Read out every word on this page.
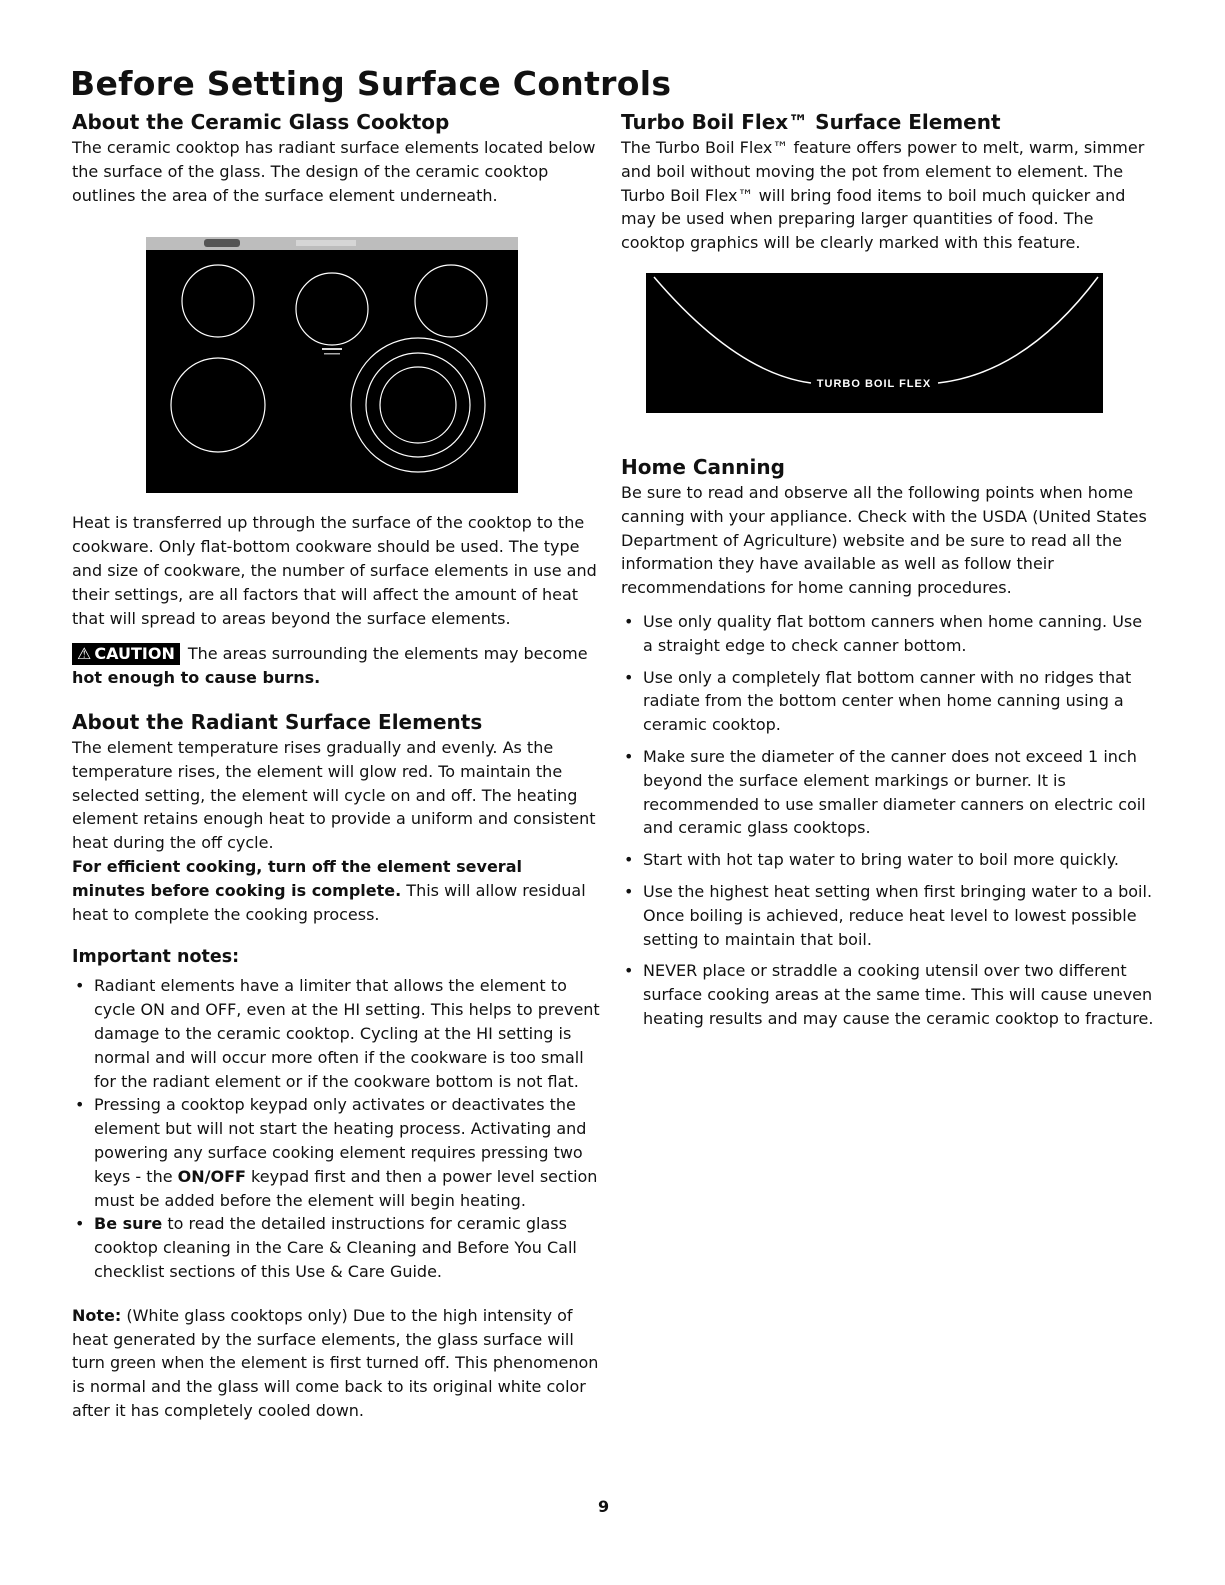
Before Setting Surface Controls
About the Ceramic Glass Cooktop

The ceramic cooktop has radiant surface elements located below the surface of the glass. The design of the ceramic cooktop outlines the area of the surface element underneath.

Heat is transferred up through the surface of the cooktop to the cookware. Only flat-bottom cookware should be used. The type and size of cookware, the number of surface elements in use and their settings, are all factors that will affect the amount of heat that will spread to areas beyond the surface elements.

⚠ CAUTION The areas surrounding the elements may become hot enough to cause burns.

About the Radiant Surface Elements

The element temperature rises gradually and evenly. As the temperature rises, the element will glow red. To maintain the selected setting, the element will cycle on and off. The heating element retains enough heat to provide a uniform and consistent heat during the off cycle.

For efficient cooking, turn off the element several minutes before cooking is complete. This will allow residual heat to complete the cooking process.

Important notes:
• Radiant elements have a limiter that allows the element to cycle ON and OFF, even at the HI setting. This helps to prevent damage to the ceramic cooktop. Cycling at the HI setting is normal and will occur more often if the cookware is too small for the radiant element or if the cookware bottom is not flat.
• Pressing a cooktop keypad only activates or deactivates the element but will not start the heating process. Activating and powering any surface cooking element requires pressing two keys - the ON/OFF keypad first and then a power level section must be added before the element will begin heating.
• Be sure to read the detailed instructions for ceramic glass cooktop cleaning in the Care & Cleaning and Before You Call checklist sections of this Use & Care Guide.

Note: (White glass cooktops only) Due to the high intensity of heat generated by the surface elements, the glass surface will turn green when the element is first turned off. This phenomenon is normal and the glass will come back to its original white color after it has completely cooled down.

Turbo Boil Flex™ Surface Element

The Turbo Boil Flex™ feature offers power to melt, warm, simmer and boil without moving the pot from element to element. The Turbo Boil Flex™ will bring food items to boil much quicker and may be used when preparing larger quantities of food. The cooktop graphics will be clearly marked with this feature.

TURBO BOIL FLEX
Home Canning

Be sure to read and observe all the following points when home canning with your appliance. Check with the USDA (United States Department of Agriculture) website and be sure to read all the information they have available as well as follow their recommendations for home canning procedures.

• Use only quality flat bottom canners when home canning. Use a straight edge to check canner bottom.
• Use only a completely flat bottom canner with no ridges that radiate from the bottom center when home canning using a ceramic cooktop.
• Make sure the diameter of the canner does not exceed 1 inch beyond the surface element markings or burner. It is recommended to use smaller diameter canners on electric coil and ceramic glass cooktops.
• Start with hot tap water to bring water to boil more quickly.
• Use the highest heat setting when first bringing water to a boil. Once boiling is achieved, reduce heat level to lowest possible setting to maintain that boil.
• NEVER place or straddle a cooking utensil over two different surface cooking areas at the same time. This will cause uneven heating results and may cause the ceramic cooktop to fracture.
9
